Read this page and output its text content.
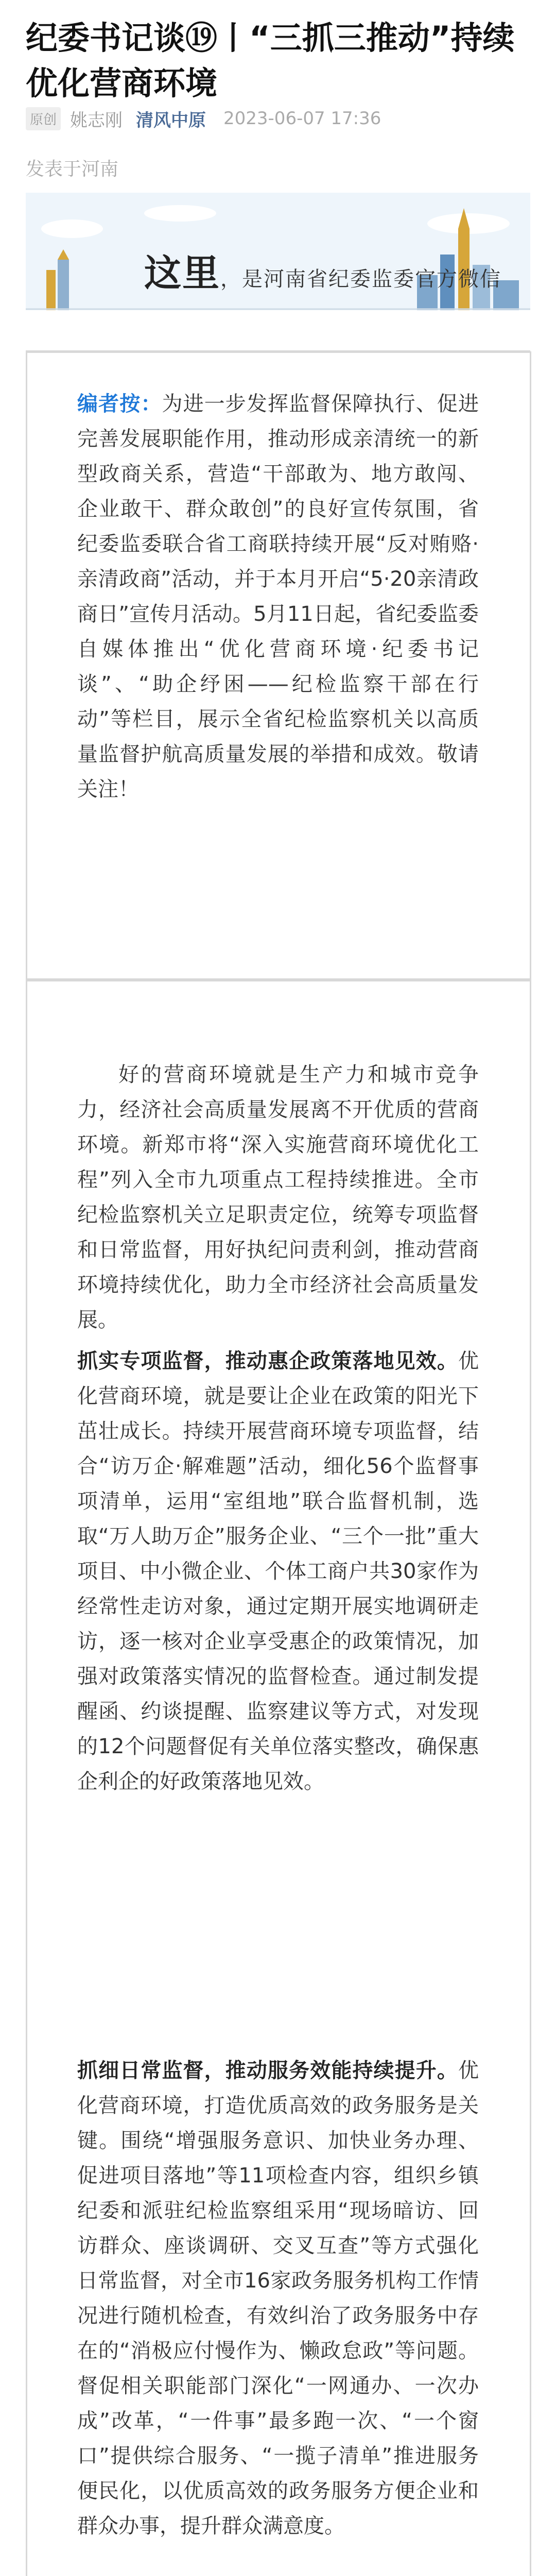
纪委书记谈⑲丨“三抓三推动”持续优化营商环境
原创 姚志刚 清风中原 2023-06-07 17:36
发表于河南
这里，是河南省纪委监委官方微信

编者按：为进一步发挥监督保障执行、促进完善发展职能作用，推动形成亲清统一的新型政商关系，营造“干部敢为、地方敢闯、企业敢干、群众敢创”的良好宣传氛围，省纪委监委联合省工商联持续开展“反对贿赂·亲清政商”活动，并于本月开启“5·20亲清政商日”宣传月活动。5月11日起，省纪委监委自媒体推出“优化营商环境·纪委书记谈”、“助企纾困——纪检监察干部在行动”等栏目，展示全省纪检监察机关以高质量监督护航高质量发展的举措和成效。敬请关注！

好的营商环境就是生产力和城市竞争力，经济社会高质量发展离不开优质的营商环境。新郑市将“深入实施营商环境优化工程”列入全市九项重点工程持续推进。全市纪检监察机关立足职责定位，统筹专项监督和日常监督，用好执纪问责利剑，推动营商环境持续优化，助力全市经济社会高质量发展。

抓实专项监督，推动惠企政策落地见效。优化营商环境，就是要让企业在政策的阳光下茁壮成长。持续开展营商环境专项监督，结合“访万企·解难题”活动，细化56个监督事项清单，运用“室组地”联合监督机制，选取“万人助万企”服务企业、“三个一批”重大项目、中小微企业、个体工商户共30家作为经常性走访对象，通过定期开展实地调研走访，逐一核对企业享受惠企的政策情况，加强对政策落实情况的监督检查。通过制发提醒函、约谈提醒、监察建议等方式，对发现的12个问题督促有关单位落实整改，确保惠企利企的好政策落地见效。

抓细日常监督，推动服务效能持续提升。优化营商环境，打造优质高效的政务服务是关键。围绕“增强服务意识、加快业务办理、促进项目落地”等11项检查内容，组织乡镇纪委和派驻纪检监察组采用“现场暗访、回访群众、座谈调研、交叉互查”等方式强化日常监督，对全市16家政务服务机构工作情况进行随机检查，有效纠治了政务服务中存在的“消极应付慢作为、懒政怠政”等问题。督促相关职能部门深化“一网通办、一次办成”改革，“一件事”最多跑一次、“一个窗口”提供综合服务、“一揽子清单”推进服务便民化，以优质高效的政务服务方便企业和群众办事，提升群众满意度。
